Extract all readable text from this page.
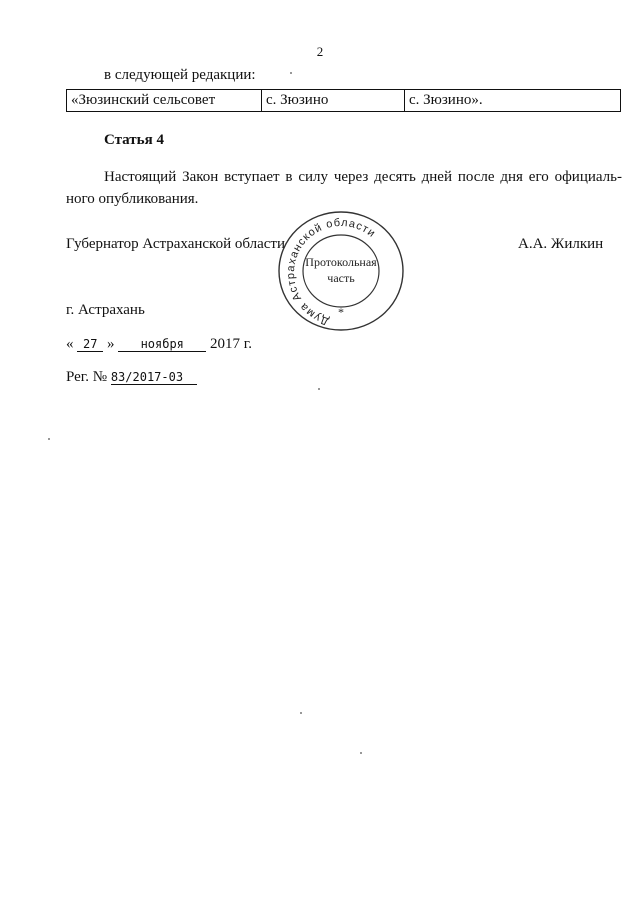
2
в следующей редакции:
«Зюзинский сельсовет	с. Зюзино	с. Зюзино».
Статья 4
Настоящий Закон вступает в силу через десять дней после дня его официаль-ного опубликования.
Губернатор Астраханской области	А.А. Жилкин
Дума Астраханской области
Протокольная
часть
*
г. Астрахань
« 27 » ноября 2017 г.
Рег. № 83/2017-03
